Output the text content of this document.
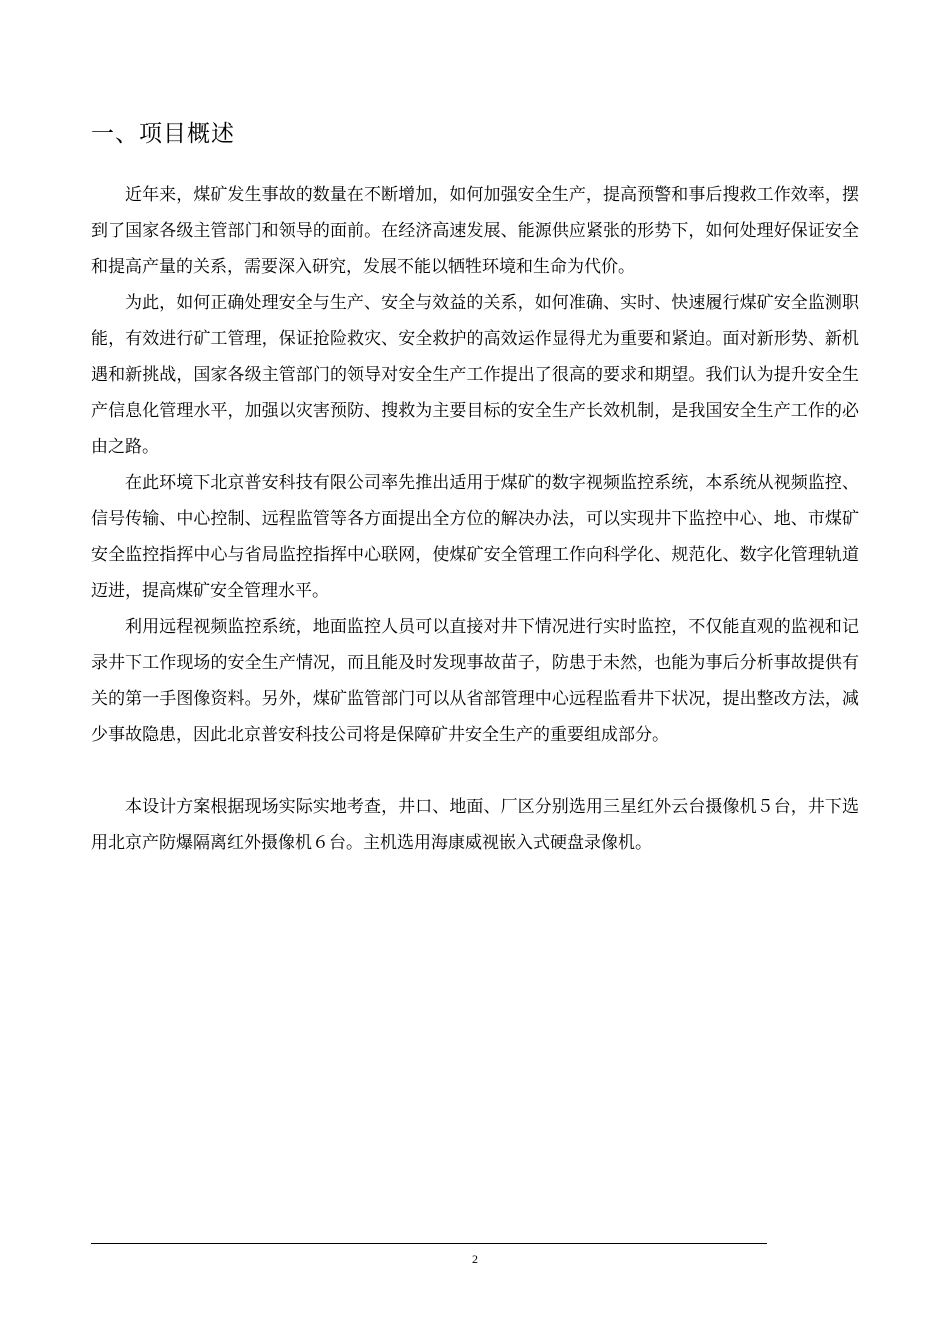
一、项目概述

近年来，煤矿发生事故的数量在不断增加，如何加强安全生产，提高预警和事后搜救工作效率，摆到了国家各级主管部门和领导的面前。在经济高速发展、能源供应紧张的形势下，如何处理好保证安全和提高产量的关系，需要深入研究，发展不能以牺牲环境和生命为代价。

为此，如何正确处理安全与生产、安全与效益的关系，如何准确、实时、快速履行煤矿安全监测职能，有效进行矿工管理，保证抢险救灾、安全救护的高效运作显得尤为重要和紧迫。面对新形势、新机遇和新挑战，国家各级主管部门的领导对安全生产工作提出了很高的要求和期望。我们认为提升安全生产信息化管理水平，加强以灾害预防、搜救为主要目标的安全生产长效机制，是我国安全生产工作的必由之路。

在此环境下北京普安科技有限公司率先推出适用于煤矿的数字视频监控系统，本系统从视频监控、信号传输、中心控制、远程监管等各方面提出全方位的解决办法，可以实现井下监控中心、地、市煤矿安全监控指挥中心与省局监控指挥中心联网，使煤矿安全管理工作向科学化、规范化、数字化管理轨道迈进，提高煤矿安全管理水平。

利用远程视频监控系统，地面监控人员可以直接对井下情况进行实时监控，不仅能直观的监视和记录井下工作现场的安全生产情况，而且能及时发现事故苗子，防患于未然，也能为事后分析事故提供有关的第一手图像资料。另外，煤矿监管部门可以从省部管理中心远程监看井下状况，提出整改方法，减少事故隐患，因此北京普安科技公司将是保障矿井安全生产的重要组成部分。

本设计方案根据现场实际实地考查，井口、地面、厂区分别选用三星红外云台摄像机５台，井下选用北京产防爆隔离红外摄像机６台。主机选用海康威视嵌入式硬盘录像机。

2
